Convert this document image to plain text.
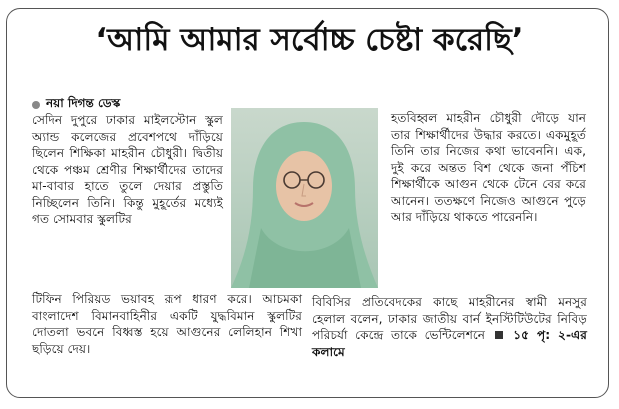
‘আমি আমার সর্বোচ্চ চেষ্টা করেছি’
নয়া দিগন্ত ডেস্ক

সেদিন দুপুরে ঢাকার মাইলস্টোন স্কুল অ্যান্ড কলেজের প্রবেশপথে দাঁড়িয়ে ছিলেন শিক্ষিকা মাহরীন চৌধুরী। দ্বিতীয় থেকে পঞ্চম শ্রেণীর শিক্ষার্থীদের তাদের মা-বাবার হাতে তুলে দেয়ার প্রস্তুতি নিচ্ছিলেন তিনি। কিন্তু মুহূর্তের মধ্যেই গত সোমবার স্কুলটির

হতবিহ্বল মাহরীন চৌধুরী দৌড়ে যান তার শিক্ষার্থীদের উদ্ধার করতে। একমুহূর্ত তিনি তার নিজের কথা ভাবেননি। এক, দুই করে অন্তত বিশ থেকে জনা পঁচিশ শিক্ষার্থীকে আগুন থেকে টেনে বের করে আনেন। ততক্ষণে নিজেও আগুনে পুড়ে আর দাঁড়িয়ে থাকতে পারেননি।

টিফিন পিরিয়ড ভয়াবহ রূপ ধারণ করে। আচমকা বাংলাদেশ বিমানবাহিনীর একটি যুদ্ধবিমান স্কুলটির দোতলা ভবনে বিধ্বস্ত হয়ে আগুনের লেলিহান শিখা ছড়িয়ে দেয়।

বিবিসির প্রতিবেদকের কাছে মাহরীনের স্বামী মনসুর হেলাল বলেন, ঢাকার জাতীয় বার্ন ইনস্টিটিউটের নিবিড় পরিচর্যা কেন্দ্রে তাকে ভেন্টিলেশনে ১৫ পৃ: ২-এর কলামে
